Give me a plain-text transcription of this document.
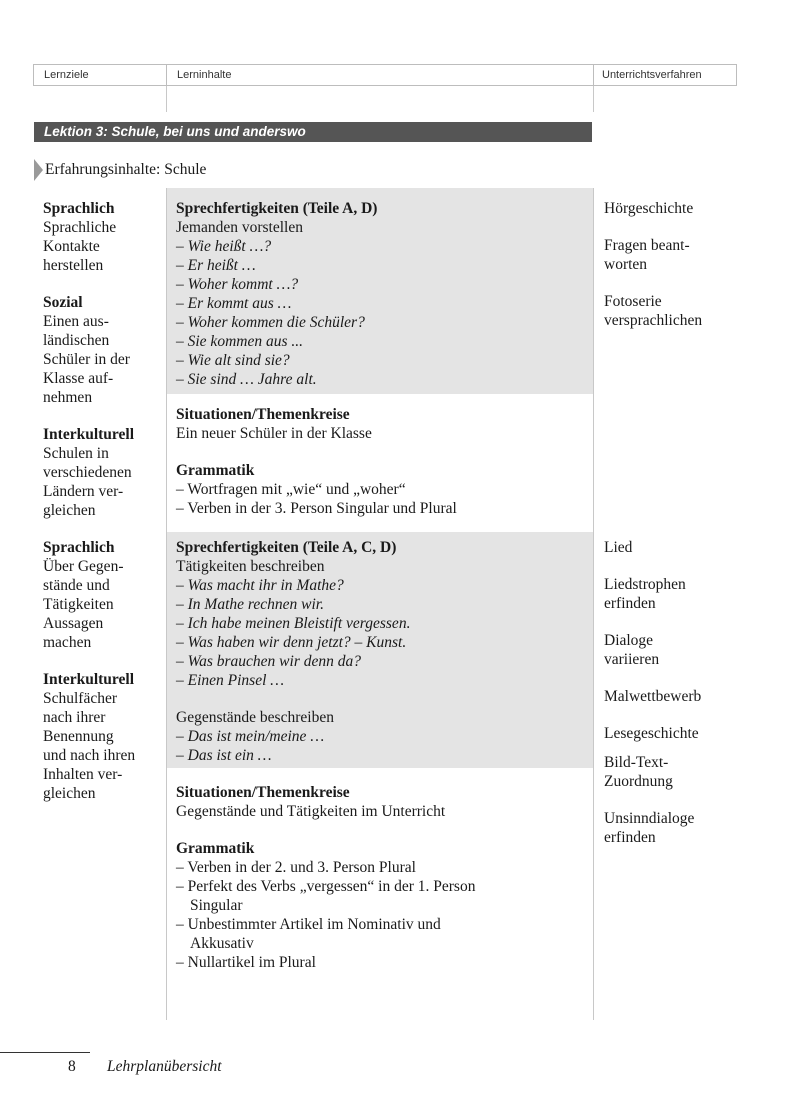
Lernziele	Lerninhalte	Unterrichtsverfahren
Lektion 3: Schule, bei uns und anderswo
Erfahrungsinhalte: Schule
Sprachlich
Sprachliche
Kontakte
herstellen
Sozial
Einen aus-
ländischen
Schüler in der
Klasse auf-
nehmen
Interkulturell
Schulen in
verschiedenen
Ländern ver-
gleichen
Sprechfertigkeiten (Teile A, D)
Jemanden vorstellen
– Wie heißt …?
– Er heißt …
– Woher kommt …?
– Er kommt aus …
– Woher kommen die Schüler?
– Sie kommen aus ...
– Wie alt sind sie?
– Sie sind … Jahre alt.
Situationen/Themenkreise
Ein neuer Schüler in der Klasse
Grammatik
– Wortfragen mit „wie“ und „woher“
– Verben in der 3. Person Singular und Plural
Hörgeschichte
Fragen beant-
worten
Fotoserie
versprachlichen
Sprachlich
Über Gegen-
stände und
Tätigkeiten
Aussagen
machen
Interkulturell
Schulfächer
nach ihrer
Benennung
und nach ihren
Inhalten ver-
gleichen
Sprechfertigkeiten (Teile A, C, D)
Tätigkeiten beschreiben
– Was macht ihr in Mathe?
– In Mathe rechnen wir.
– Ich habe meinen Bleistift vergessen.
– Was haben wir denn jetzt? – Kunst.
– Was brauchen wir denn da?
– Einen Pinsel …
Gegenstände beschreiben
– Das ist mein/meine …
– Das ist ein …
Situationen/Themenkreise
Gegenstände und Tätigkeiten im Unterricht
Grammatik
– Verben in der 2. und 3. Person Plural
– Perfekt des Verbs „vergessen“ in der 1. Person
Singular
– Unbestimmter Artikel im Nominativ und
Akkusativ
– Nullartikel im Plural
Lied
Liedstrophen
erfinden
Dialoge
variieren
Malwettbewerb
Lesegeschichte
Bild-Text-
Zuordnung
Unsinndialoge
erfinden
8 Lehrplanübersicht
